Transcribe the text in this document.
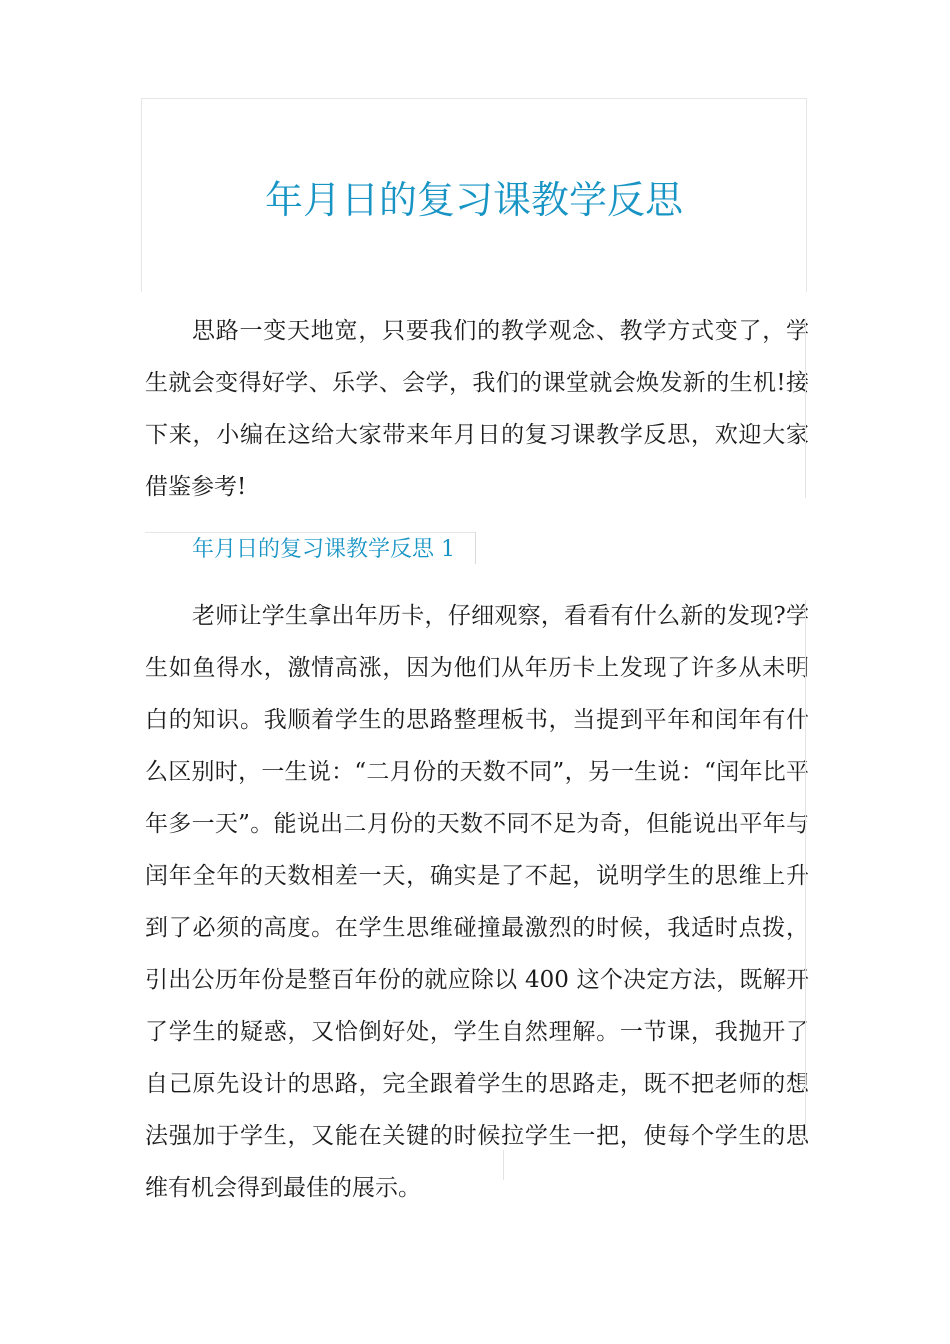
年月日的复习课教学反思

思路一变天地宽，只要我们的教学观念、教学方式变了，学生就会变得好学、乐学、会学，我们的课堂就会焕发新的生机!接下来，小编在这给大家带来年月日的复习课教学反思，欢迎大家借鉴参考!

年月日的复习课教学反思 1

老师让学生拿出年历卡，仔细观察，看看有什么新的发现?学生如鱼得水，激情高涨，因为他们从年历卡上发现了许多从未明白的知识。我顺着学生的思路整理板书，当提到平年和闰年有什么区别时，一生说：“二月份的天数不同”，另一生说：“闰年比平年多一天”。能说出二月份的天数不同不足为奇，但能说出平年与闰年全年的天数相差一天，确实是了不起，说明学生的思维上升到了必须的高度。在学生思维碰撞最激烈的时候，我适时点拨，引出公历年份是整百年份的就应除以 400 这个决定方法，既解开了学生的疑惑，又恰倒好处，学生自然理解。一节课，我抛开了自己原先设计的思路，完全跟着学生的思路走，既不把老师的想法强加于学生，又能在关键的时候拉学生一把，使每个学生的思维有机会得到最佳的展示。
